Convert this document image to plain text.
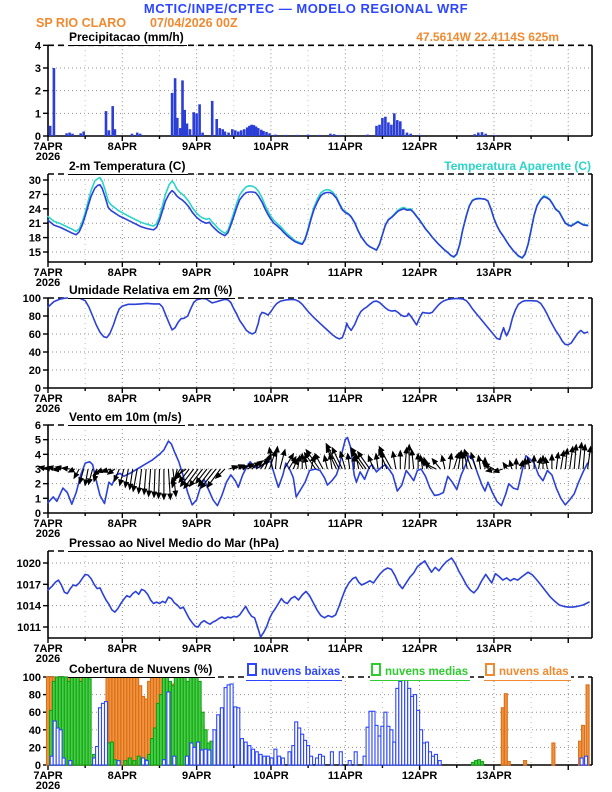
MCTIC/INPE/CPTEC — MODELO REGIONAL WRF
SP RIO CLARO 07/04/2026 00Z
Precipitacao (mm/h)	47.5614W 22.4114S 625m
2-m Temperatura (C)	Temperatura Aparente (C)
Umidade Relativa em 2m (%)
Vento em 10m (m/s)
Pressao ao Nivel Medio do Mar (hPa)
Cobertura de Nuvens (%)	nuvens baixas	nuvens medias	nuvens altas
0
1
2
3
4
7APR
2026
8APR	9APR	10APR	11APR	12APR	13APR
15
18
21
24
27
30
7APR
2026
8APR	9APR	10APR	11APR	12APR	13APR
0
20
40
60
80
100
7APR
2026
8APR	9APR	10APR	11APR	12APR	13APR
0
1
2
3
4
5
6
7APR
2026
8APR	9APR	10APR	11APR	12APR	13APR
1011
1014
1017
1020
7APR
2026
8APR	9APR	10APR	11APR	12APR	13APR
0
20
40
60
80
100
7APR
2026
8APR	9APR	10APR	11APR	12APR	13APR
